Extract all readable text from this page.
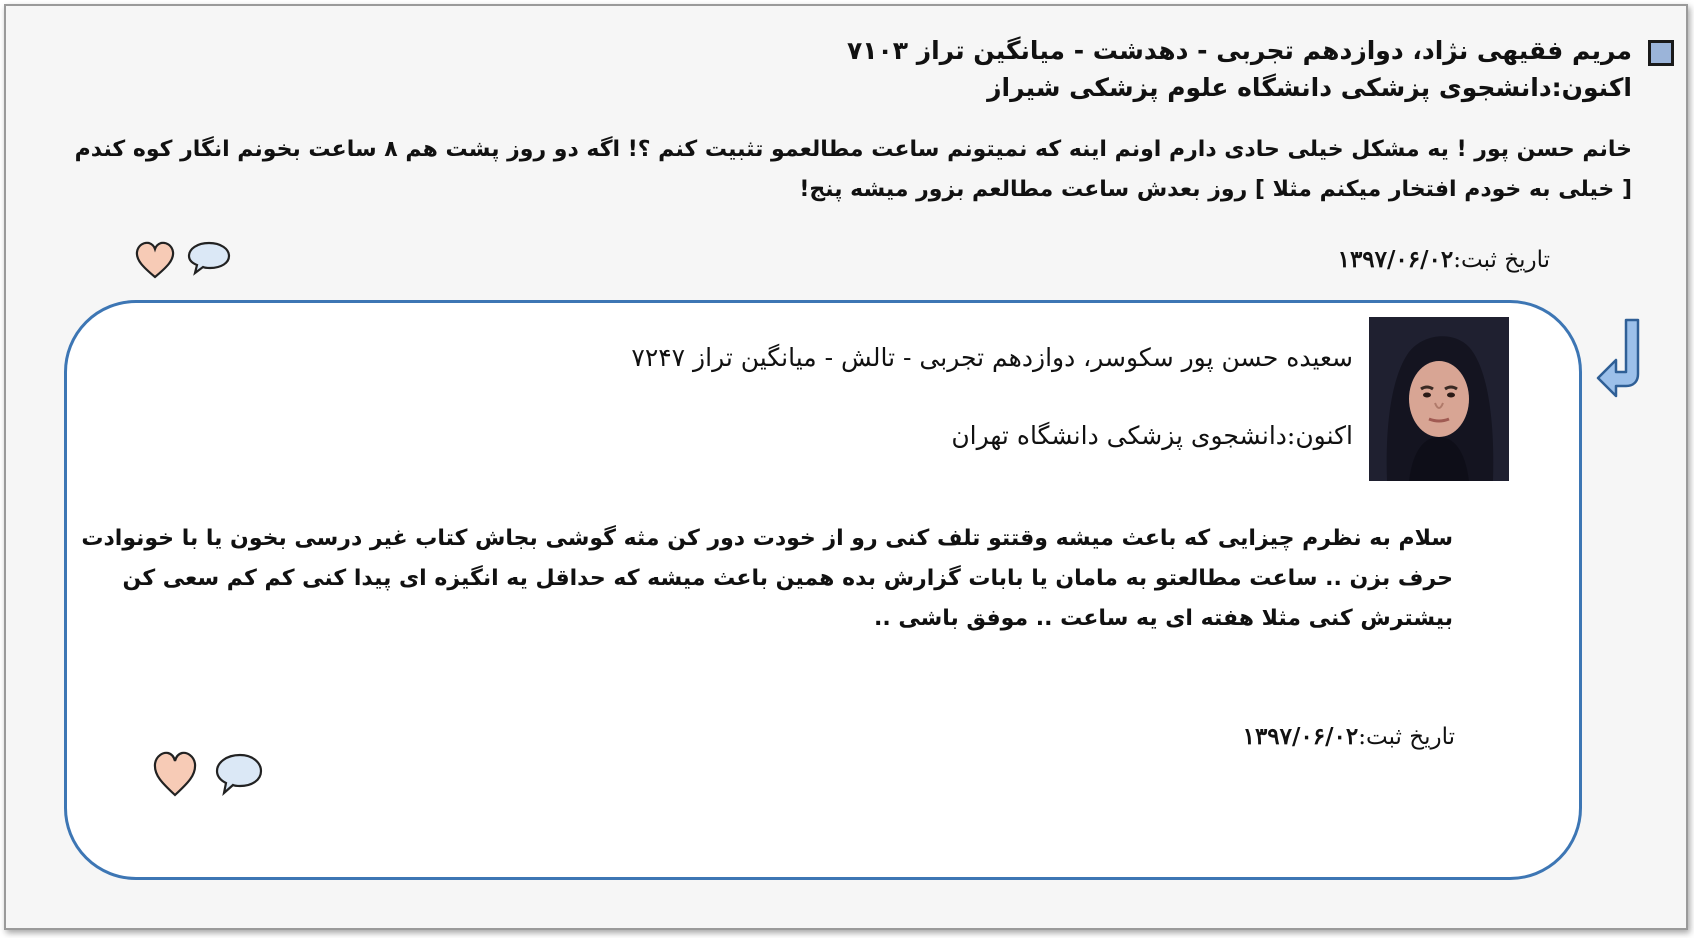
مریم فقیهی نژاد، دوازدهم تجربی - دهدشت - میانگین تراز ۷۱۰۳

اکنون:دانشجوی پزشکی دانشگاه علوم پزشکی شیراز

خانم حسن پور ! یه مشکل خیلی حادی دارم اونم اینه که نمیتونم ساعت مطالعمو تثبیت کنم ؟! اگه دو روز پشت هم ۸ ساعت بخونم انگار کوه کندم [ خیلی به خودم افتخار میکنم مثلا ] روز بعدش ساعت مطالعم بزور میشه پنج!
تاریخ ثبت:۱۳۹۷/۰۶/۰۲
سعیده حسن پور سکوسر، دوازدهم تجربی - تالش - میانگین تراز ۷۲۴۷
اکنون:دانشجوی پزشکی دانشگاه تهران
سلام به نظرم چیزایی که باعث میشه وقتتو تلف کنی رو از خودت دور کن مثه گوشی بجاش کتاب غیر درسی بخون یا با خونوادت حرف بزن .. ساعت مطالعتو به مامان یا بابات گزارش بده همین باعث میشه که حداقل یه انگیزه ای پیدا کنی کم کم سعی کن بیشترش کنی مثلا هفته ای یه ساعت .. موفق باشی ..
تاریخ ثبت:۱۳۹۷/۰۶/۰۲
